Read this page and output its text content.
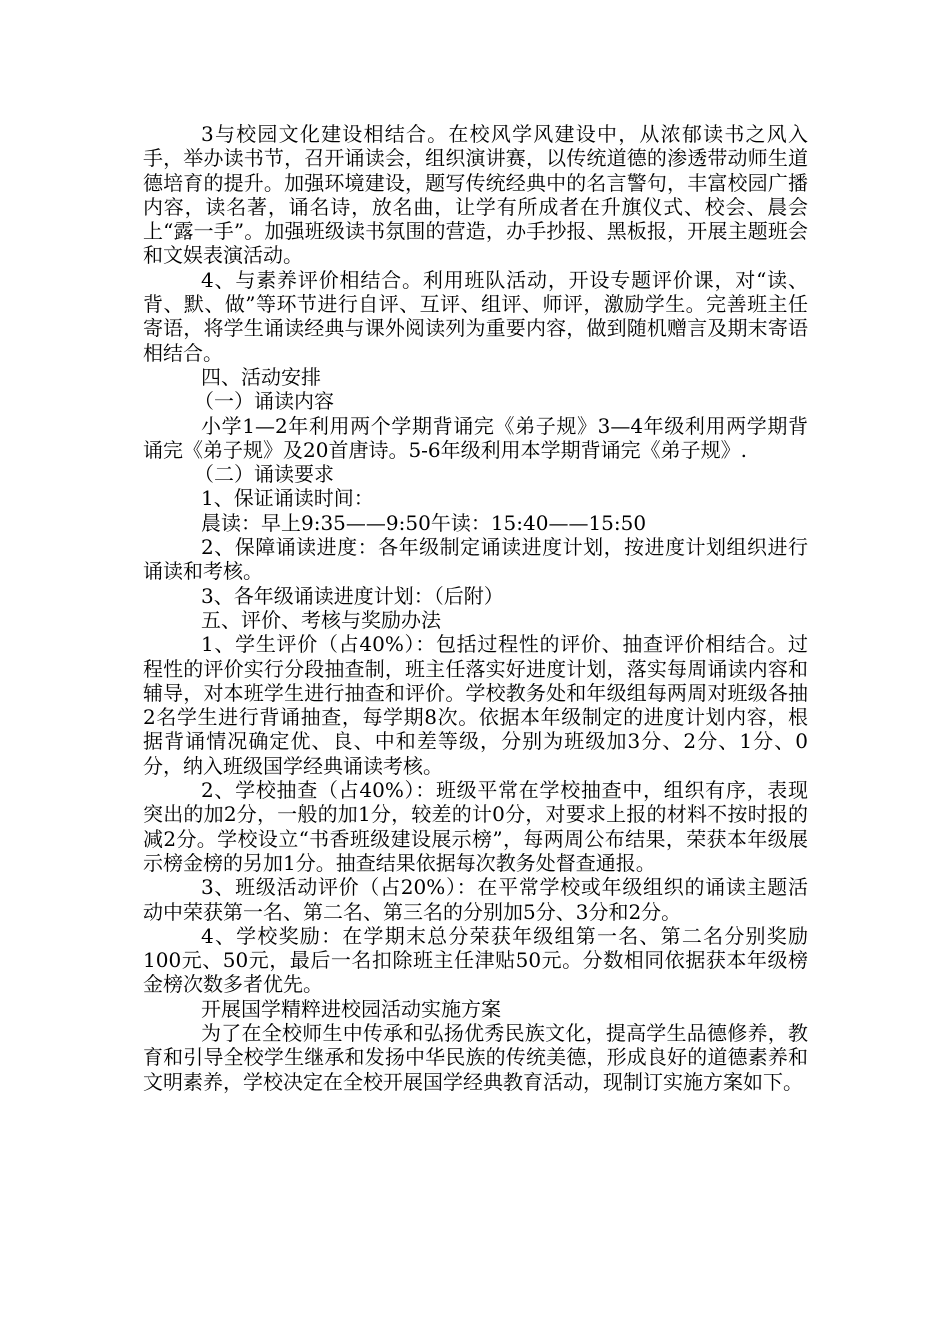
3与校园文化建设相结合。在校风学风建设中，从浓郁读书之风入手，举办读书节，召开诵读会，组织演讲赛，以传统道德的渗透带动师生道德培育的提升。加强环境建设，题写传统经典中的名言警句，丰富校园广播内容，读名著，诵名诗，放名曲，让学有所成者在升旗仪式、校会、晨会上“露一手”。加强班级读书氛围的营造，办手抄报、黑板报，开展主题班会和文娱表演活动。

4、与素养评价相结合。利用班队活动，开设专题评价课，对“读、背、默、做”等环节进行自评、互评、组评、师评，激励学生。完善班主任寄语，将学生诵读经典与课外阅读列为重要内容，做到随机赠言及期末寄语相结合。

四、活动安排

（一）诵读内容

小学1—2年利用两个学期背诵完《弟子规》3—4年级利用两学期背诵完《弟子规》及20首唐诗。5-6年级利用本学期背诵完《弟子规》.

（二）诵读要求

1、保证诵读时间：

晨读：早上9:35——9:50午读：15:40——15:50

2、保障诵读进度：各年级制定诵读进度计划，按进度计划组织进行诵读和考核。

3、各年级诵读进度计划：（后附）

五、评价、考核与奖励办法

1、学生评价（占40%）：包括过程性的评价、抽查评价相结合。过程性的评价实行分段抽查制，班主任落实好进度计划，落实每周诵读内容和辅导，对本班学生进行抽查和评价。学校教务处和年级组每两周对班级各抽2名学生进行背诵抽查，每学期8次。依据本年级制定的进度计划内容，根据背诵情况确定优、良、中和差等级，分别为班级加3分、2分、1分、0分，纳入班级国学经典诵读考核。

2、学校抽查（占40%）：班级平常在学校抽查中，组织有序，表现突出的加2分，一般的加1分，较差的计0分，对要求上报的材料不按时报的减2分。学校设立“书香班级建设展示榜”，每两周公布结果，荣获本年级展示榜金榜的另加1分。抽查结果依据每次教务处督查通报。

3、班级活动评价（占20%）：在平常学校或年级组织的诵读主题活动中荣获第一名、第二名、第三名的分别加5分、3分和2分。

4、学校奖励：在学期末总分荣获年级组第一名、第二名分别奖励100元、50元，最后一名扣除班主任津贴50元。分数相同依据获本年级榜金榜次数多者优先。

开展国学精粹进校园活动实施方案

为了在全校师生中传承和弘扬优秀民族文化，提高学生品德修养，教育和引导全校学生继承和发扬中华民族的传统美德，形成良好的道德素养和文明素养，学校决定在全校开展国学经典教育活动，现制订实施方案如下。
